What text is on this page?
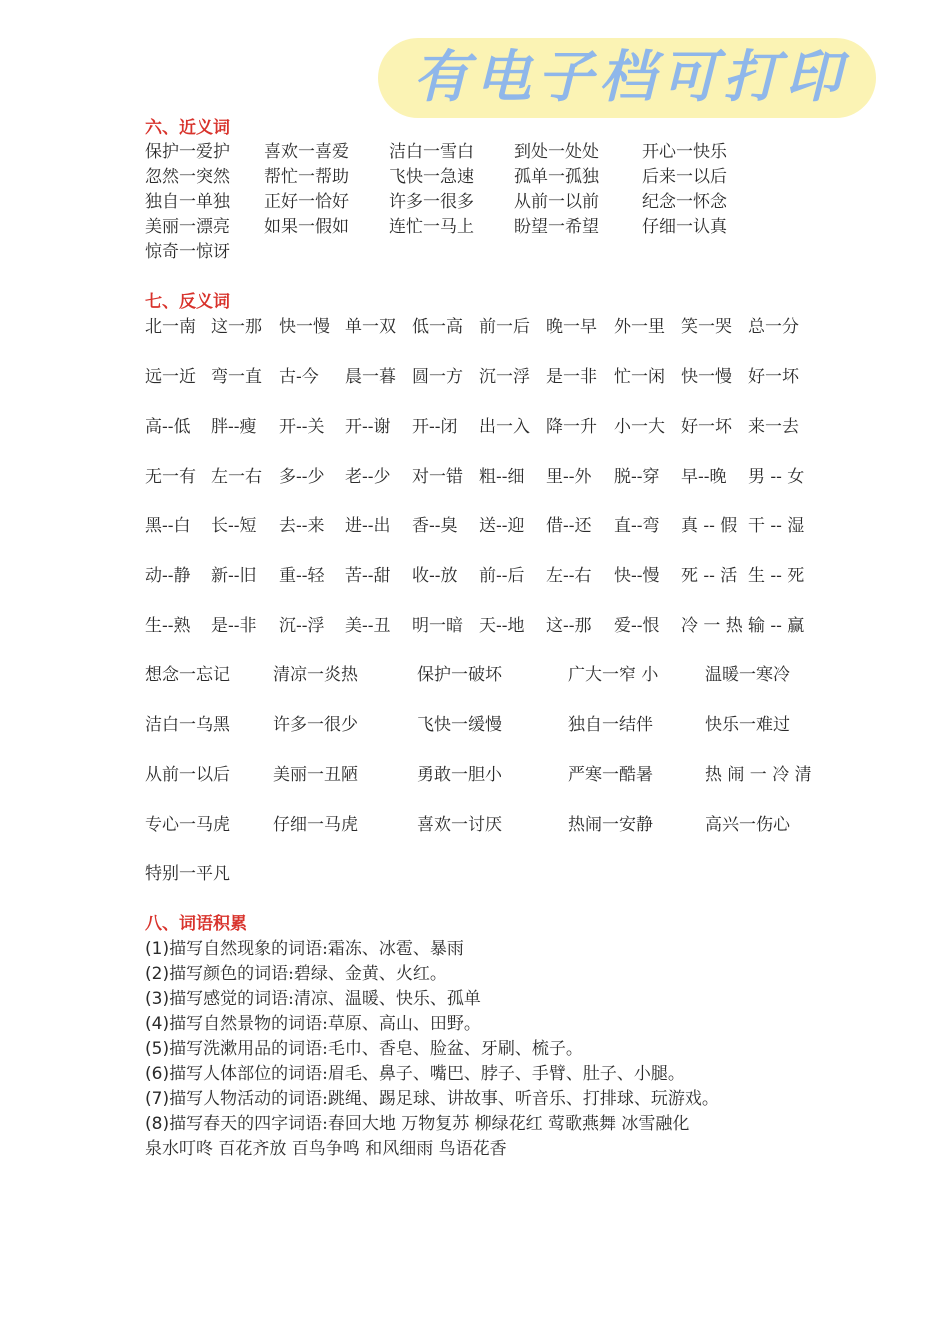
有电子档可打印
六、近义词
保护一爱护 喜欢一喜爱 洁白一雪白 到处一处处	开心一快乐
忽然一突然 帮忙一帮助 飞快一急速 孤单一孤独	后来一以后
独自一单独 正好一恰好 许多一很多 从前一以前	纪念一怀念
美丽一漂亮 如果一假如 连忙一马上 盼望一希望	仔细一认真
惊奇一惊讶
七、反义词
北一南 这一那 快一慢 单一双 低一高 前一后 晚一早 外一里 笑一哭 总一分
远一近 弯一直 古-今 晨一暮 圆一方 沉一浮 是一非 忙一闲 快一慢 好一坏
高--低 胖--瘦 开--关 开--谢 开--闭 出一入 降一升 小一大 好一坏 来一去
无一有 左一右 多--少 老--少 对一错 粗--细 里--外 脱--穿 早--晚 男 -- 女
黑--白 长--短 去--来 进--出 香--臭 送--迎 借--还 直--弯 真 -- 假 干 -- 湿
动--静 新--旧 重--轻 苦--甜 收--放 前--后 左--右 快--慢 死 -- 活 生 -- 死
生--熟 是--非 沉--浮 美--丑 明一暗 天--地 这--那 爱--恨 冷 一 热 输 -- 赢
想念一忘记	清凉一炎热	保护一破坏	广大一窄 小	温暖一寒冷
洁白一乌黑	许多一很少	飞快一缓慢	独自一结伴	快乐一难过
从前一以后	美丽一丑陋	勇敢一胆小	严寒一酷暑	热 闹 一 冷 清
专心一马虎	仔细一马虎	喜欢一讨厌	热闹一安静	高兴一伤心
特别一平凡
八、词语积累
(1)描写自然现象的词语:霜冻、冰雹、暴雨
(2)描写颜色的词语:碧绿、金黄、火红。
(3)描写感觉的词语:清凉、温暖、快乐、孤单
(4)描写自然景物的词语:草原、高山、田野。
(5)描写洗漱用品的词语:毛巾、香皂、脸盆、牙刷、梳子。
(6)描写人体部位的词语:眉毛、鼻子、嘴巴、脖子、手臂、肚子、小腿。
(7)描写人物活动的词语:跳绳、踢足球、讲故事、听音乐、打排球、玩游戏。
(8)描写春天的四字词语:春回大地 万物复苏 柳绿花红 莺歌燕舞 冰雪融化
泉水叮咚 百花齐放 百鸟争鸣 和风细雨 鸟语花香
